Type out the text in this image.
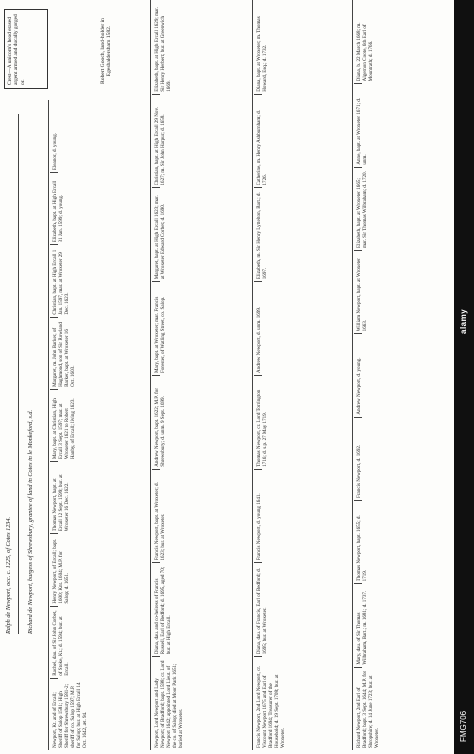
Ralph de Newport, occ. c. 1225, of Cotes 1234. Richard de Newport, burgess of Shrewsbury, grantee of land in Cotes in le Monkeford, s.d.
Crest—A unicorn's head erased argent armed and ducally gorged or.	Robert Gooch, land-holder in Egeshaldersham 1582.
Newport, Kt. and of Ercall; Sheriff of Salop 1581; High Sheriff for Shrewsbury 1581-2; sheriff of co. Salop 1597; M.P. for Salop; bur. at High Ercall 14 Oct. 1642, æt. 94.
Rachel, dau. of Sir John Corbet, of Stoke, Kt.; d. 1594; bur. at Ercall.
Henry Newport, of Ercall; bapt. 1600; Knt. 1604; M.P. for Salop; d. 1651.
Thomas Newport, bapt. at Ercall 12 Sept. 1599; bur. at Wroxeter 16 Dec. 1622.
Mary, bapt. at Christian, High Ercall 3 Sept. 1597; mar. at Wroxeter 1621 to Robert Hanby, of Ercall; living 1623.
Margaret, m. John Barker, of Haghmond, son of Sir Rowland Barker, bapt. at Wroxeter 16 Oct. 1603.
Christian, bapt. at High Ercall 1 Jan. 1597, mar. at Wroxeter 29 Dec. 1623.
Elizabeth, bapt. at High Ercall 31 Jan. 1599; d. young.
Eleanor, d. young.
Newport, Lord Newport and Lady Newport; of Bradford; bapt. 1598; cr. Lord Newport 1642; appointed Lord Lieut. of the co. of Salop; died at Moor Park 1651; buried at Wroxeter.
Diana, dau. and co-heiress of Francis Russell, Earl of Bedford; d. 1695, aged 70; bur. at High Ercall.
Francis Newport, bapt. at Wroxeter; d. 1623; bur. at Wroxeter.
Andrew Newport, bapt. 1622; M.P. for Shrewsbury; d. unm. 9 Sept. 1699.
Mary, bapt. at Wroxeter; mar. Francis Forester, of Watling Street, co. Salop.
Margaret, bapt. at High Ercall 1623; mar. at Wroxeter Edward Corbet; d. 1690.
Christian, bapt. at High Ercall 29 Nov. 1627; m. Sir John Harpur; d. 1658.
Elizabeth, bapt. at High Ercall 1629; mar. Sir Henry Herbert; bur. at Greenwich 1669.
Francis Newport, 2nd Lord Newport, cr. Viscount Newport 1675 and Earl of Bradford 1694; Treasurer of the Household; d. 19 Sept. 1708; bur. at Wroxeter.
Diana, dau. of Francis, Earl of Bedford; d. 1695; bur. at Wroxeter.
Francis Newport, d. young 1641.
Thomas Newport, cr. Lord Torrington 1716; d. s.p. 27 May 1719.
Andrew Newport, d. unm. 1699.
Elizabeth, m. Sir Henry Lyttelton, Bart.; d. 1697.
Catherine, m. Henry Ashburnham; d. 1726.
Diana, bapt. at Wroxeter; m. Thomas Howard, Esq.; d. 1732.
Richard Newport, 2nd Earl of Bradford; bapt. 3 Sept. 1644; M.P. for Shropshire; d. 14 June 1723; bur. at Wroxeter.
Mary, dau. of Sir Thomas Wilbraham, Bart.; m. 1681; d. 1737.
Thomas Newport, bapt. 1655; d. 1719.
Francis Newport, d. 1692.
Andrew Newport, d. young.
William Newport, bapt. at Wroxeter 1663.
Elizabeth, bapt. at Wroxeter 1665; mar. Sir Thomas Wilbraham; d. 1720.
Anne, bapt. at Wroxeter 1671; d. unm.
Diana, b. 22 March 1668; m. Algernon Coote, 6th Earl of Mountrath; d. 1766.
FMG706
alamy
